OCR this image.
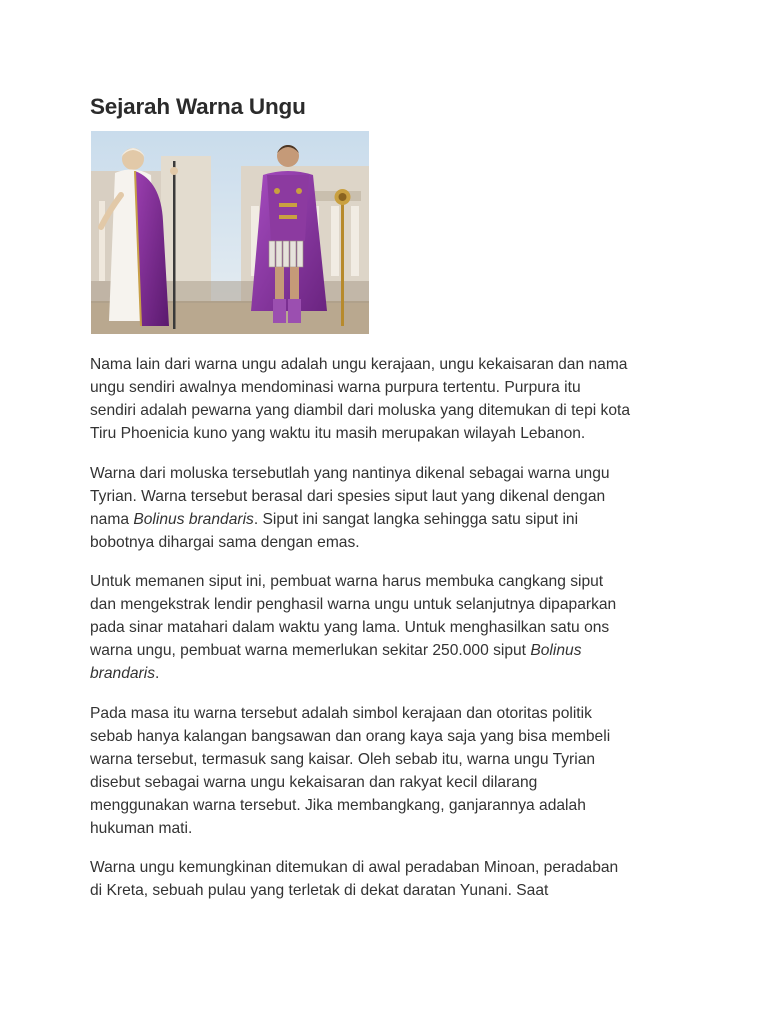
Sejarah Warna Ungu

Nama lain dari warna ungu adalah ungu kerajaan, ungu kekaisaran dan nama
ungu sendiri awalnya mendominasi warna purpura tertentu. Purpura itu
sendiri adalah pewarna yang diambil dari moluska yang ditemukan di tepi kota
Tiru Phoenicia kuno yang waktu itu masih merupakan wilayah Lebanon.

Warna dari moluska tersebutlah yang nantinya dikenal sebagai warna ungu
Tyrian. Warna tersebut berasal dari spesies siput laut yang dikenal dengan
nama Bolinus brandaris. Siput ini sangat langka sehingga satu siput ini
bobotnya dihargai sama dengan emas.

Untuk memanen siput ini, pembuat warna harus membuka cangkang siput
dan mengekstrak lendir penghasil warna ungu untuk selanjutnya dipaparkan
pada sinar matahari dalam waktu yang lama. Untuk menghasilkan satu ons
warna ungu, pembuat warna memerlukan sekitar 250.000 siput Bolinus
brandaris.

Pada masa itu warna tersebut adalah simbol kerajaan dan otoritas politik
sebab hanya kalangan bangsawan dan orang kaya saja yang bisa membeli
warna tersebut, termasuk sang kaisar. Oleh sebab itu, warna ungu Tyrian
disebut sebagai warna ungu kekaisaran dan rakyat kecil dilarang
menggunakan warna tersebut. Jika membangkang, ganjarannya adalah
hukuman mati.

Warna ungu kemungkinan ditemukan di awal peradaban Minoan, peradaban
di Kreta, sebuah pulau yang terletak di dekat daratan Yunani. Saat
